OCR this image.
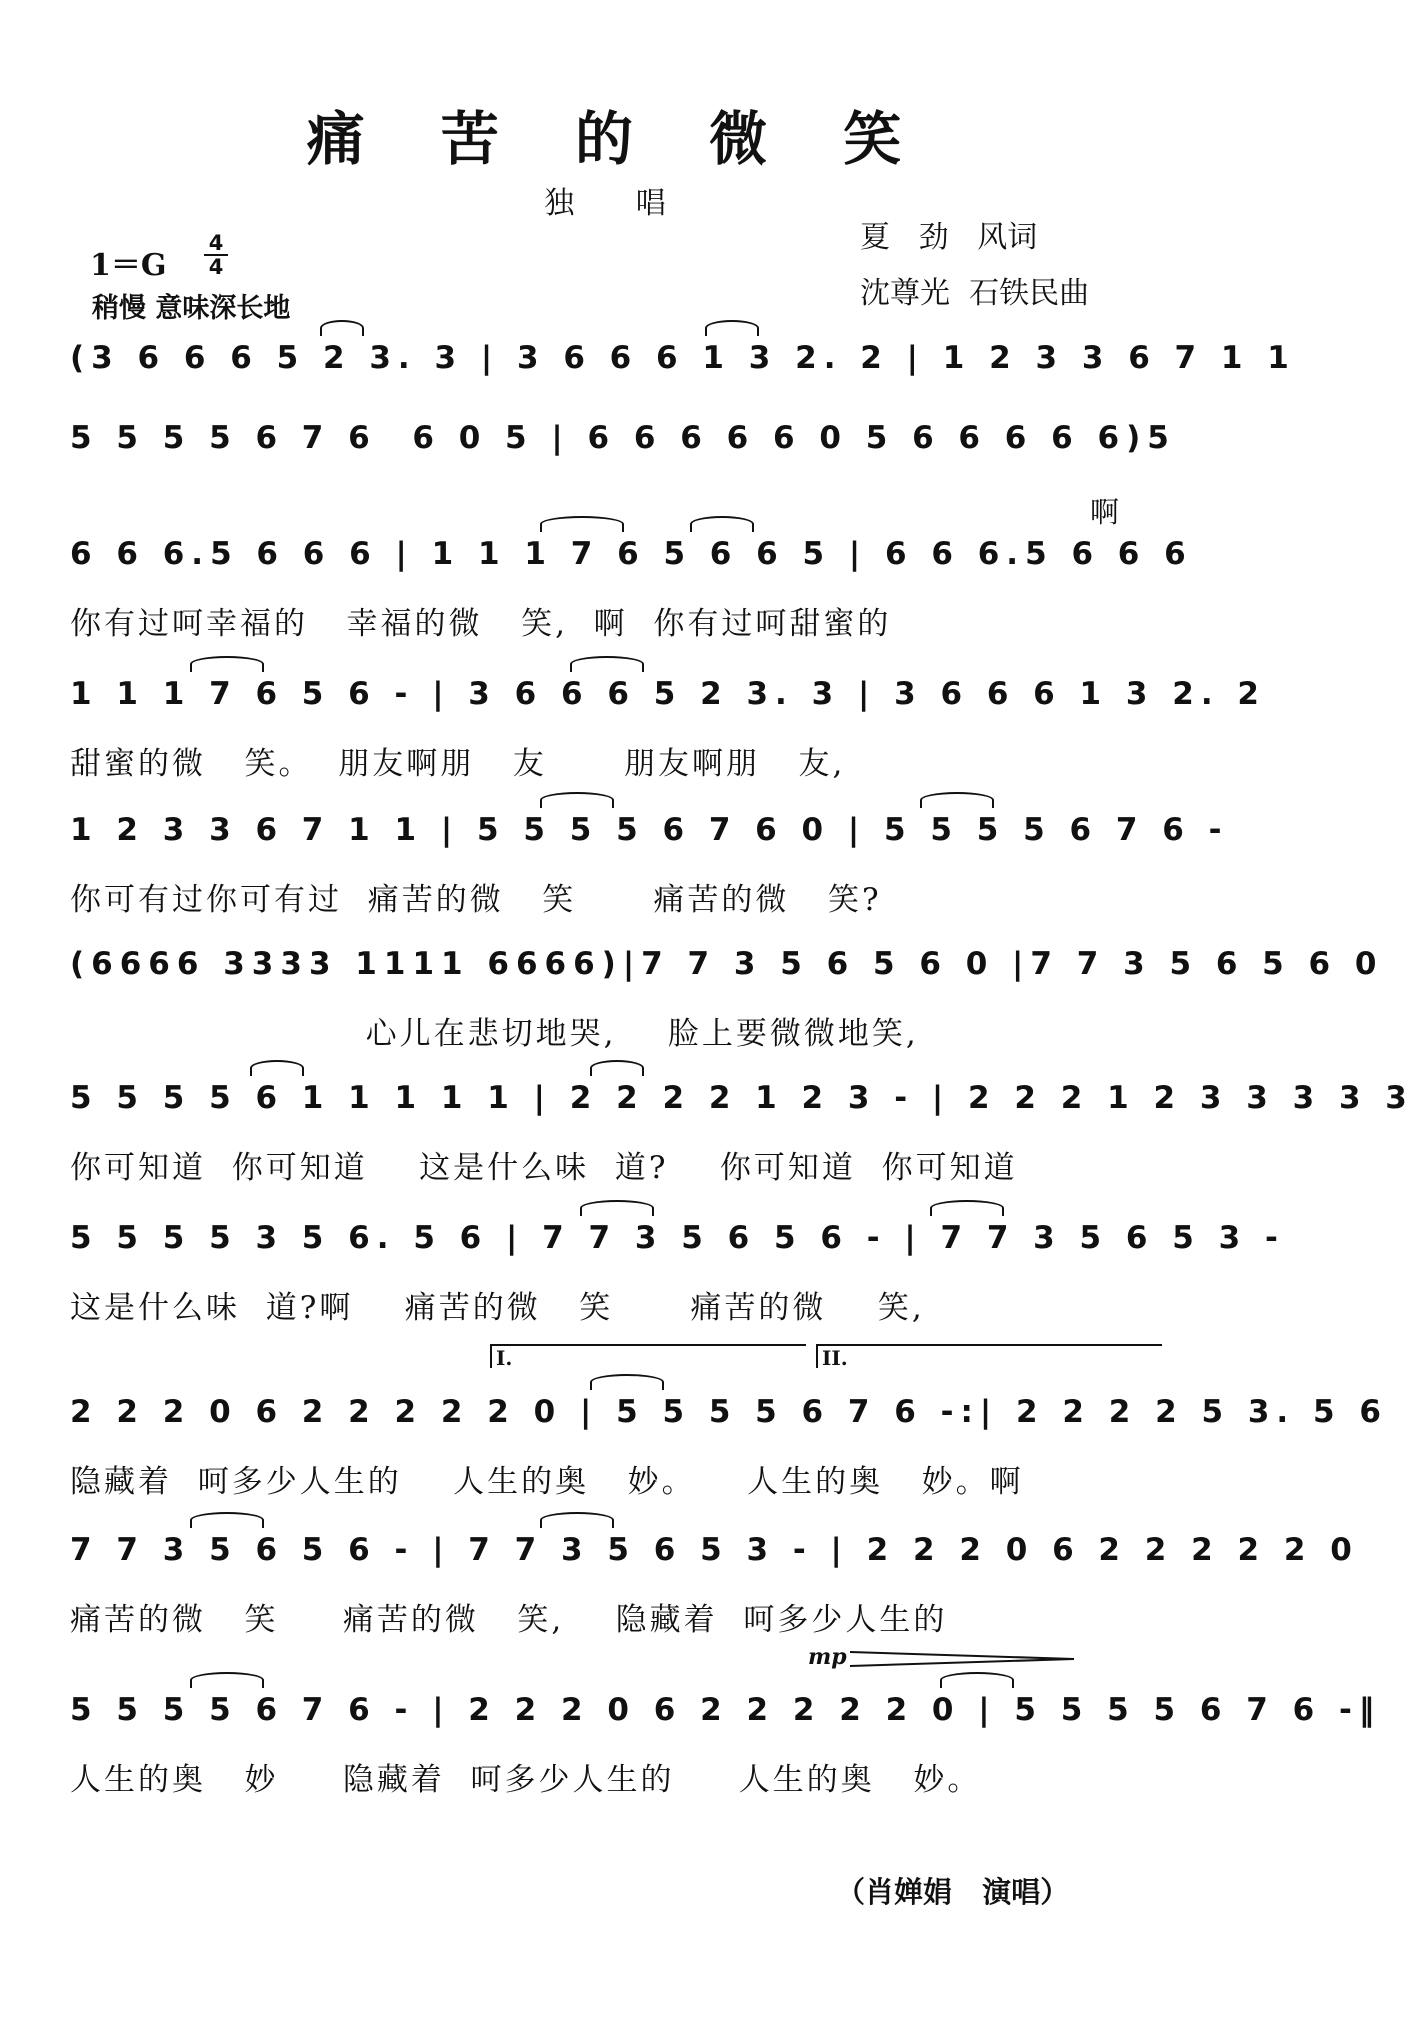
痛 苦 的 微 笑
独 唱
夏   劲   风词
沈尊光  石铁民曲
1＝G
4
4
稍慢 意味深长地
(3 6 6 6 5 2 3. 3 | 3 6 6 6 1 3 2. 2 | 1 2 3 3 6 7 1 1
5 5 5 5 6 7 6  6 0 5 | 6 6 6 6 6 0 5 6 6 6 6 6)5
啊
6 6 6.5 6 6 6 | 1 1 1 7 6 5 6 6 5 | 6 6 6.5 6 6 6
你有过呵幸福的   幸福的微   笑,  啊  你有过呵甜蜜的
1 1 1 7 6 5 6 - | 3 6 6 6 5 2 3. 3 | 3 6 6 6 1 3 2. 2
甜蜜的微   笑。  朋友啊朋   友      朋友啊朋   友,
1 2 3 3 6 7 1 1 | 5 5 5 5 6 7 6 0 | 5 5 5 5 6 7 6 -
你可有过你可有过  痛苦的微   笑      痛苦的微   笑?
(6666 3333 1111 6666)|7 7 3 5 6 5 6 0 |7 7 3 5 6 5 6 0
心儿在悲切地哭,    脸上要微微地笑,
5 5 5 5 6 1 1 1 1 1 | 2 2 2 2 1 2 3 - | 2 2 2 1 2 3 3 3 3 3
你可知道  你可知道    这是什么味  道?    你可知道  你可知道
5 5 5 5 3 5 6. 5 6 | 7 7 3 5 6 5 6 - | 7 7 3 5 6 5 3 -
这是什么味  道?啊    痛苦的微   笑      痛苦的微    笑,
I.	II.
2 2 2 0 6 2 2 2 2 2 0 | 5 5 5 5 6 7 6 -:| 2 2 2 2 5 3. 5 6
隐藏着  呵多少人生的    人生的奥   妙。    人生的奥   妙。啊
7 7 3 5 6 5 6 - | 7 7 3 5 6 5 3 - | 2 2 2 0 6 2 2 2 2 2 0
痛苦的微   笑     痛苦的微   笑,    隐藏着  呵多少人生的
mp
5 5 5 5 6 7 6 - | 2 2 2 0 6 2 2 2 2 2 0 | 5 5 5 5 6 7 6 -‖
人生的奥   妙     隐藏着  呵多少人生的     人生的奥   妙。
（肖婵娟   演唱）
